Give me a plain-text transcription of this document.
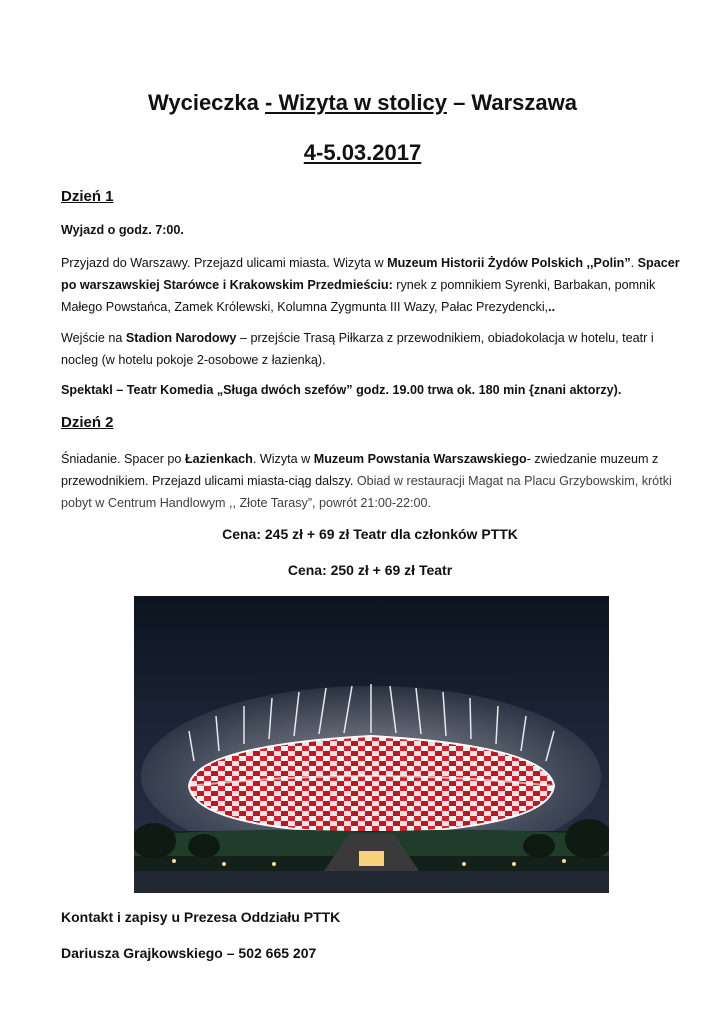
Wycieczka - Wizyta w stolicy – Warszawa
4-5.03.2017
Dzień 1
Wyjazd o godz. 7:00.
Przyjazd do Warszawy. Przejazd ulicami miasta. Wizyta w Muzeum Historii Żydów Polskich ,,Polin”. Spacer po warszawskiej Starówce i Krakowskim Przedmieściu: rynek z pomnikiem Syrenki, Barbakan, pomnik Małego Powstańca, Zamek Królewski, Kolumna Zygmunta III Wazy, Pałac Prezydencki,..
Wejście na Stadion Narodowy – przejście Trasą Piłkarza z przewodnikiem, obiadokolacja w hotelu, teatr i nocleg (w hotelu pokoje 2-osobowe z łazienką).
Spektakl – Teatr Komedia „Sługa dwóch szefów” godz. 19.00 trwa ok. 180 min {znani aktorzy).
Dzień 2
Śniadanie. Spacer po Łazienkach. Wizyta w Muzeum Powstania Warszawskiego- zwiedzanie muzeum z przewodnikiem. Przejazd ulicami miasta-ciąg dalszy. Obiad w restauracji Magat na Placu Grzybowskim, krótki pobyt w Centrum Handlowym ,, Złote Tarasy”, powrót 21:00-22:00.
Cena: 245 zł + 69 zł Teatr dla członków PTTK
Cena: 250 zł + 69 zł Teatr
Kontakt i zapisy u Prezesa Oddziału PTTK
Dariusza Grajkowskiego – 502 665 207
